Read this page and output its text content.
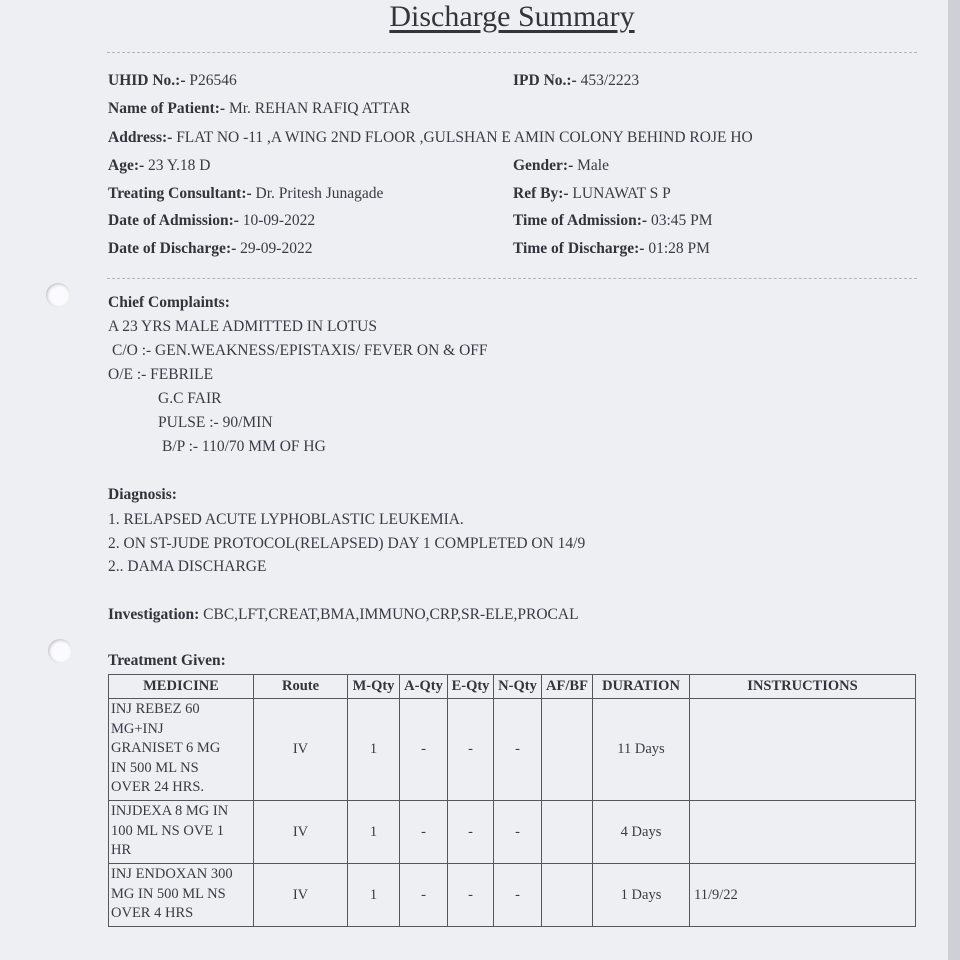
Discharge Summary
UHID No.:- P26546	IPD No.:- 453/2223
Name of Patient:- Mr. REHAN RAFIQ ATTAR
Address:- FLAT NO -11 ,A WING 2ND FLOOR ,GULSHAN E AMIN COLONY BEHIND ROJE HO
Age:- 23 Y.18 D	Gender:- Male
Treating Consultant:- Dr. Pritesh Junagade	Ref By:- LUNAWAT S P
Date of Admission:- 10-09-2022	Time of Admission:- 03:45 PM
Date of Discharge:- 29-09-2022	Time of Discharge:- 01:28 PM
Chief Complaints:
A 23 YRS MALE ADMITTED IN LOTUS
C/O :- GEN.WEAKNESS/EPISTAXIS/ FEVER ON & OFF
O/E :- FEBRILE
G.C FAIR
PULSE :- 90/MIN
B/P :- 110/70 MM OF HG
Diagnosis:
1. RELAPSED ACUTE LYPHOBLASTIC LEUKEMIA.
2. ON ST-JUDE PROTOCOL(RELAPSED) DAY 1 COMPLETED ON 14/9
2.. DAMA DISCHARGE
Investigation: CBC,LFT,CREAT,BMA,IMMUNO,CRP,SR-ELE,PROCAL
Treatment Given:
MEDICINE	Route	M-Qty	A-Qty	E-Qty	N-Qty	AF/BF	DURATION	INSTRUCTIONS

INJ REBEZ 60
MG+INJ
GRANISET 6 MG
IN 500 ML NS
OVER 24 HRS.	IV	1	-	-	-		11 Days	

INJDEXA 8 MG IN
100 ML NS OVE 1
HR	IV	1	-	-	-		4 Days	

INJ ENDOXAN 300
MG IN 500 ML NS
OVER 4 HRS	IV	1	-	-	-		1 Days	11/9/22
